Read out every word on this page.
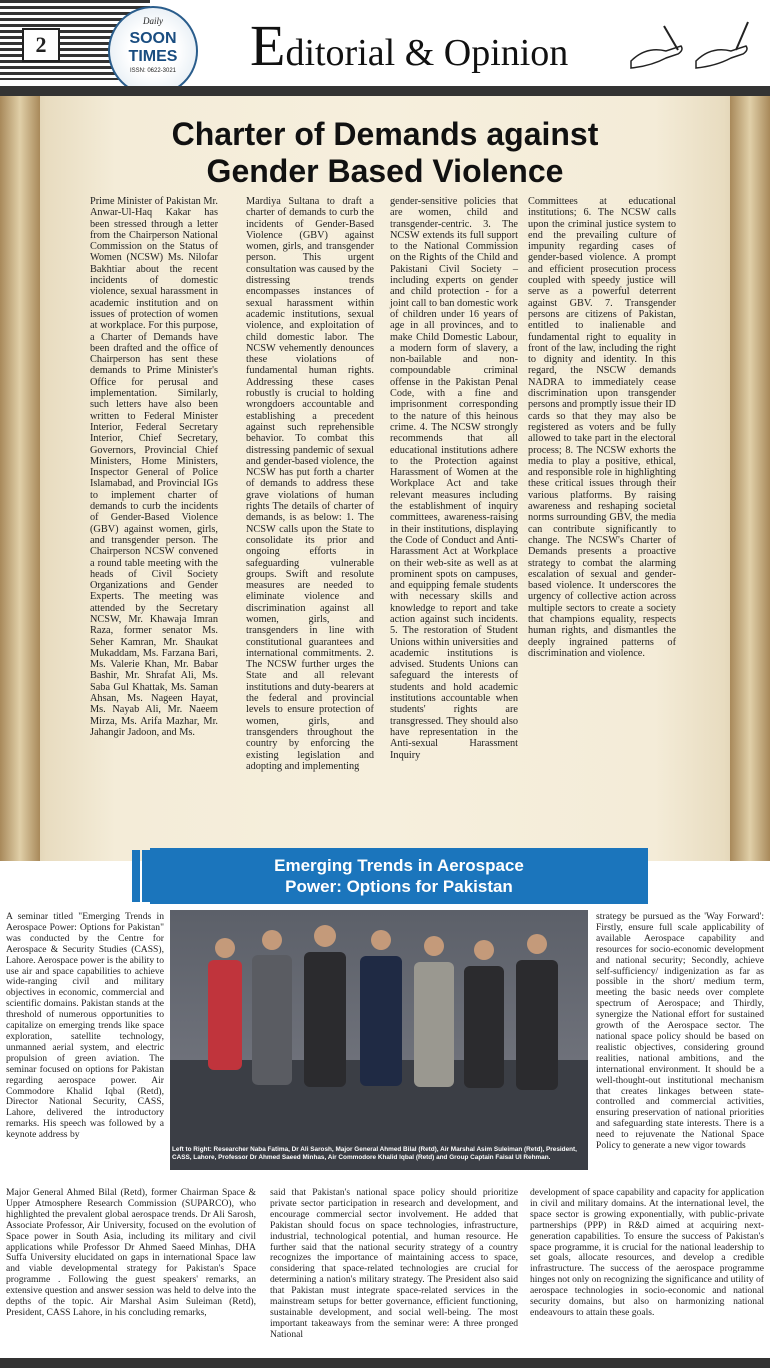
2
Daily
SOON
TIMES
ISSN: 0622-3021	Editorial & Opinion
Charter of Demands against
Gender Based Violence

Prime Minister of Pakistan Mr. Anwar-Ul-Haq Kakar has been stressed through a letter from the Chairperson National Commission on the Status of Women (NCSW) Ms. Nilofar Bakhtiar about the recent incidents of domestic violence, sexual harassment in academic institution and on issues of protection of women at workplace. For this purpose, a Charter of Demands have been drafted and the office of Chairperson has sent these demands to Prime Minister's Office for perusal and implementation. Similarly, such letters have also been written to Federal Minister Interior, Federal Secretary Interior, Chief Secretary, Governors, Provincial Chief Ministers, Home Ministers, Inspector General of Police Islamabad, and Provincial IGs to implement charter of demands to curb the incidents of Gender-Based Violence (GBV) against women, girls, and transgender person. The Chairperson NCSW convened a round table meeting with the heads of Civil Society Organizations and Gender Experts. The meeting was attended by the Secretary NCSW, Mr. Khawaja Imran Raza, former senator Ms. Seher Kamran, Mr. Shaukat Mukaddam, Ms. Farzana Bari, Ms. Valerie Khan, Mr. Babar Bashir, Mr. Shrafat Ali, Ms. Saba Gul Khattak, Ms. Saman Ahsan, Ms. Nageen Hayat, Ms. Nayab Ali, Mr. Naeem Mirza, Ms. Arifa Mazhar, Mr. Jahangir Jadoon, and Ms.

Mardiya Sultana to draft a charter of demands to curb the incidents of Gender-Based Violence (GBV) against women, girls, and transgender person. This urgent consultation was caused by the distressing trends encompasses instances of sexual harassment within academic institutions, sexual violence, and exploitation of child domestic labor. The NCSW vehemently denounces these violations of fundamental human rights. Addressing these cases robustly is crucial to holding wrongdoers accountable and establishing a precedent against such reprehensible behavior. To combat this distressing pandemic of sexual and gender-based violence, the NCSW has put forth a charter of demands to address these grave violations of human rights The details of charter of demands, is as below: 1. The NCSW calls upon the State to consolidate its prior and ongoing efforts in safeguarding vulnerable groups. Swift and resolute measures are needed to eliminate violence and discrimination against all women, girls, and transgenders in line with constitutional guarantees and international commitments. 2. The NCSW further urges the State and all relevant institutions and duty-bearers at the federal and provincial levels to ensure protection of women, girls, and transgenders throughout the country by enforcing the existing legislation and adopting and implementing

gender-sensitive policies that are women, child and transgender-centric. 3. The NCSW extends its full support to the National Commission on the Rights of the Child and Pakistani Civil Society – including experts on gender and child protection - for a joint call to ban domestic work of children under 16 years of age in all provinces, and to make Child Domestic Labour, a modern form of slavery, a non-bailable and non-compoundable criminal offense in the Pakistan Penal Code, with a fine and imprisonment corresponding to the nature of this heinous crime. 4. The NCSW strongly recommends that all educational institutions adhere to the Protection against Harassment of Women at the Workplace Act and take relevant measures including the establishment of inquiry committees, awareness-raising in their institutions, displaying the Code of Conduct and Anti-Harassment Act at Workplace on their web-site as well as at prominent spots on campuses, and equipping female students with necessary skills and knowledge to report and take action against such incidents. 5. The restoration of Student Unions within universities and academic institutions is advised. Students Unions can safeguard the interests of students and hold academic institutions accountable when students' rights are transgressed. They should also have representation in the Anti-sexual Harassment Inquiry

Committees at educational institutions; 6. The NCSW calls upon the criminal justice system to end the prevailing culture of impunity regarding cases of gender-based violence. A prompt and efficient prosecution process coupled with speedy justice will serve as a powerful deterrent against GBV. 7. Transgender persons are citizens of Pakistan, entitled to inalienable and fundamental right to equality in front of the law, including the right to dignity and identity. In this regard, the NSCW demands NADRA to immediately cease discrimination upon transgender persons and promptly issue their ID cards so that they may also be registered as voters and be fully allowed to take part in the electoral process; 8. The NCSW exhorts the media to play a positive, ethical, and responsible role in highlighting these critical issues through their various platforms. By raising awareness and reshaping societal norms surrounding GBV, the media can contribute significantly to change. The NCSW's Charter of Demands presents a proactive strategy to combat the alarming escalation of sexual and gender-based violence. It underscores the urgency of collective action across multiple sectors to create a society that champions equality, respects human rights, and dismantles the deeply ingrained patterns of discrimination and violence.

Emerging Trends in Aerospace
Power: Options for Pakistan

A seminar titled "Emerging Trends in Aerospace Power: Options for Pakistan" was conducted by the Centre for Aerospace & Security Studies (CASS), Lahore. Aerospace power is the ability to use air and space capabilities to achieve wide-ranging civil and military objectives in economic, commercial and scientific domains. Pakistan stands at the threshold of numerous opportunities to capitalize on emerging trends like space exploration, satellite technology, unmanned aerial system, and electric propulsion of green aviation. The seminar focused on options for Pakistan regarding aerospace power. Air Commodore Khalid Iqbal (Retd), Director National Security, CASS, Lahore, delivered the introductory remarks. His speech was followed by a keynote address by

Left to Right: Researcher Naba Fatima, Dr Ali Sarosh, Major General Ahmed Bilal (Retd), Air Marshal Asim Suleiman (Retd), President, CASS, Lahore, Professor Dr Ahmed Saeed Minhas, Air Commodore Khalid Iqbal (Retd) and Group Captain Faisal Ul Rehman.

strategy be pursued as the 'Way Forward': Firstly, ensure full scale applicability of available Aerospace capability and resources for socio-economic development and national security; Secondly, achieve self-sufficiency/ indigenization as far as possible in the short/ medium term, meeting the basic needs over complete spectrum of Aerospace; and Thirdly, synergize the National effort for sustained growth of the Aerospace sector. The national space policy should be based on realistic objectives, considering ground realities, national ambitions, and the international environment. It should be a well-thought-out institutional mechanism that creates linkages between state-controlled and commercial activities, ensuring preservation of national priorities and safeguarding state interests. There is a need to rejuvenate the National Space Policy to generate a new vigor towards

Major General Ahmed Bilal (Retd), former Chairman Space & Upper Atmosphere Research Commission (SUPARCO), who highlighted the prevalent global aerospace trends. Dr Ali Sarosh, Associate Professor, Air University, focused on the evolution of Space power in South Asia, including its military and civil applications while Professor Dr Ahmed Saeed Minhas, DHA Suffa University elucidated on gaps in international Space law and viable developmental strategy for Pakistan's Space programme . Following the guest speakers' remarks, an extensive question and answer session was held to delve into the depths of the topic. Air Marshal Asim Suleiman (Retd), President, CASS Lahore, in his concluding remarks,

said that Pakistan's national space policy should prioritize private sector participation in research and development, and encourage commercial sector involvement. He added that Pakistan should focus on space technologies, infrastructure, industrial, technological potential, and human resource. He further said that the national security strategy of a country recognizes the importance of maintaining access to space, considering that space-related technologies are crucial for determining a nation's military strategy. The President also said that Pakistan must integrate space-related services in the mainstream setups for better governance, efficient functioning, sustainable development, and social well-being. The most important takeaways from the seminar were: A three pronged National

development of space capability and capacity for application in civil and military domains. At the international level, the space sector is growing exponentially, with public-private partnerships (PPP) in R&D aimed at acquiring next-generation capabilities. To ensure the success of Pakistan's space programme, it is crucial for the national leadership to set goals, allocate resources, and develop a credible infrastructure. The success of the aerospace programme hinges not only on recognizing the significance and utility of aerospace technologies in socio-economic and national security domains, but also on harmonizing national endeavours to attain these goals.
